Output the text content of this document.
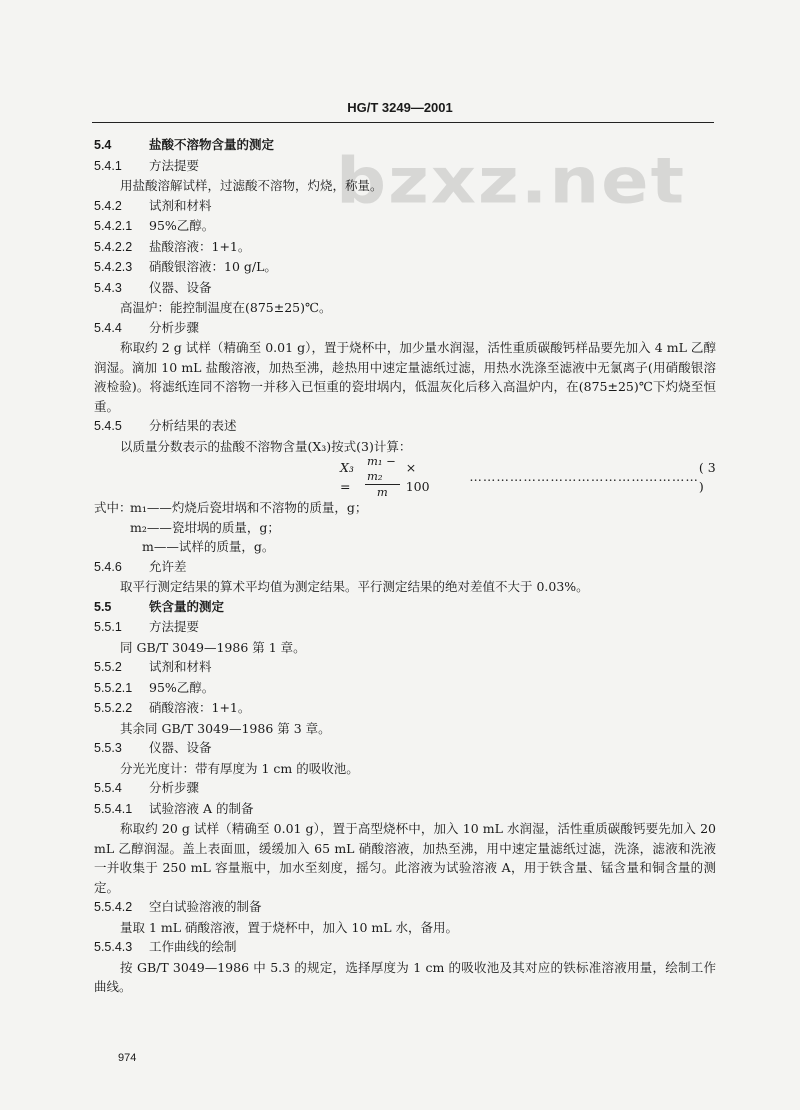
HG/T 3249—2001
bzxz.net
5.4	盐酸不溶物含量的测定
5.4.1 方法提要
用盐酸溶解试样，过滤酸不溶物，灼烧，称量。
5.4.2 试剂和材料
5.4.2.1 95%乙醇。
5.4.2.2 盐酸溶液：1+1。
5.4.2.3 硝酸银溶液：10 g/L。
5.4.3 仪器、设备
高温炉：能控制温度在(875±25)℃。
5.4.4 分析步骤
称取约 2 g 试样（精确至 0.01 g），置于烧杯中，加少量水润湿，活性重质碳酸钙样品要先加入 4 mL 乙醇润湿。滴加 10 mL 盐酸溶液，加热至沸，趁热用中速定量滤纸过滤，用热水洗涤至滤液中无氯离子(用硝酸银溶液检验)。将滤纸连同不溶物一并移入已恒重的瓷坩埚内，低温灰化后移入高温炉内，在(875±25)℃下灼烧至恒重。
5.4.5 分析结果的表述
以质量分数表示的盐酸不溶物含量(X₃)按式(3)计算：
X₃ =	$\frac{\text{m₁ − m₂}}{m} \times 100$
……………………………………………
( 3 )
式中：m₁——灼烧后瓷坩埚和不溶物的质量，g；
m₂——瓷坩埚的质量，g；
m——试样的质量，g。
5.4.6 允许差
取平行测定结果的算术平均值为测定结果。平行测定结果的绝对差值不大于 0.03%。
5.5	铁含量的测定
5.5.1 方法提要
同 GB/T 3049—1986 第 1 章。
5.5.2 试剂和材料
5.5.2.1 95%乙醇。
5.5.2.2 硝酸溶液：1+1。
其余同 GB/T 3049—1986 第 3 章。
5.5.3 仪器、设备
分光光度计：带有厚度为 1 cm 的吸收池。
5.5.4 分析步骤
5.5.4.1 试验溶液 A 的制备
称取约 20 g 试样（精确至 0.01 g），置于高型烧杯中，加入 10 mL 水润湿，活性重质碳酸钙要先加入 20 mL 乙醇润湿。盖上表面皿，缓缓加入 65 mL 硝酸溶液，加热至沸，用中速定量滤纸过滤，洗涤，滤液和洗液一并收集于 250 mL 容量瓶中，加水至刻度，摇匀。此溶液为试验溶液 A，用于铁含量、锰含量和铜含量的测定。
5.5.4.2 空白试验溶液的制备
量取 1 mL 硝酸溶液，置于烧杯中，加入 10 mL 水，备用。
5.5.4.3 工作曲线的绘制
按 GB/T 3049—1986 中 5.3 的规定，选择厚度为 1 cm 的吸收池及其对应的铁标准溶液用量，绘制工作曲线。
974
